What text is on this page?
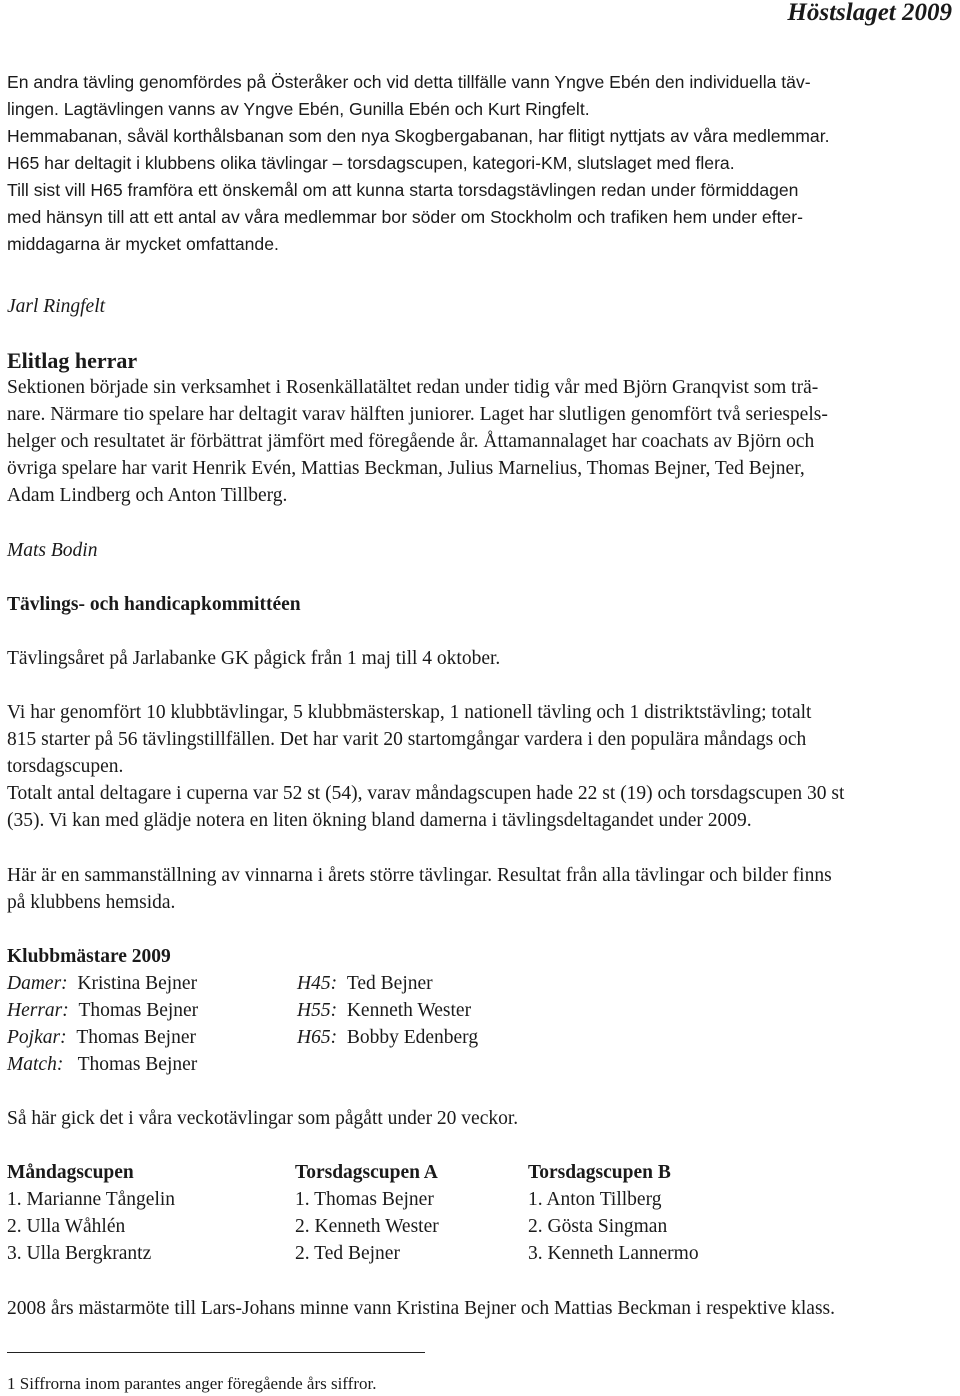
Höstslaget 2009

En andra tävling genomfördes på Österåker och vid detta tillfälle vann Yngve Ebén den individuella täv-

lingen. Lagtävlingen vanns av Yngve Ebén, Gunilla Ebén och Kurt Ringfelt.

Hemmabanan, såväl korthålsbanan som den nya Skogbergabanan, har flitigt nyttjats av våra medlemmar.

H65 har deltagit i klubbens olika tävlingar – torsdagscupen, kategori-KM, slutslaget med flera.

Till sist vill H65 framföra ett önskemål om att kunna starta torsdagstävlingen redan under förmiddagen

med hänsyn till att ett antal av våra medlemmar bor söder om Stockholm och trafiken hem under efter-

middagarna är mycket omfattande.

Jarl Ringfelt

Elitlag herrar

Sektionen började sin verksamhet i Rosenkällatältet redan under tidig vår med Björn Granqvist som trä-

nare. Närmare tio spelare har deltagit varav hälften juniorer. Laget har slutligen genomfört två seriespels-

helger och resultatet är förbättrat jämfört med föregående år. Åttamannalaget har coachats av Björn och

övriga spelare har varit Henrik Evén, Mattias Beckman, Julius Marnelius, Thomas Bejner, Ted Bejner,

Adam Lindberg och Anton Tillberg.

Mats Bodin

Tävlings- och handicapkommittéen

Tävlingsåret på Jarlabanke GK pågick från 1 maj till 4 oktober.

Vi har genomfört 10 klubbtävlingar, 5 klubbmästerskap, 1 nationell tävling och 1 distriktstävling; totalt

815 starter på 56 tävlingstillfällen. Det har varit 20 startomgångar vardera i den populära måndags och

torsdagscupen.

Totalt antal deltagare i cuperna var 52 st (54), varav måndagscupen hade 22 st (19) och torsdagscupen 30 st

(35). Vi kan med glädje notera en liten ökning bland damerna i tävlingsdeltagandet under 2009.

Här är en sammanställning av vinnarna i årets större tävlingar. Resultat från alla tävlingar och bilder finns

på klubbens hemsida.

Klubbmästare 2009

Damer: Kristina Bejner

Herrar: Thomas Bejner

Pojkar: Thomas Bejner

Match:   Thomas Bejner

H45: Ted Bejner

H55: Kenneth Wester

H65: Bobby Edenberg

Så här gick det i våra veckotävlingar som pågått under 20 veckor.

Måndagscupen

1. Marianne Tångelin

2. Ulla Wåhlén

3. Ulla Bergkrantz

Torsdagscupen A

1. Thomas Bejner

2. Kenneth Wester

2. Ted Bejner

Torsdagscupen B

1. Anton Tillberg

2. Gösta Singman

3. Kenneth Lannermo

2008 års mästarmöte till Lars-Johans minne vann Kristina Bejner och Mattias Beckman i respektive klass.

1 Siffrorna inom parantes anger föregående års siffror.
